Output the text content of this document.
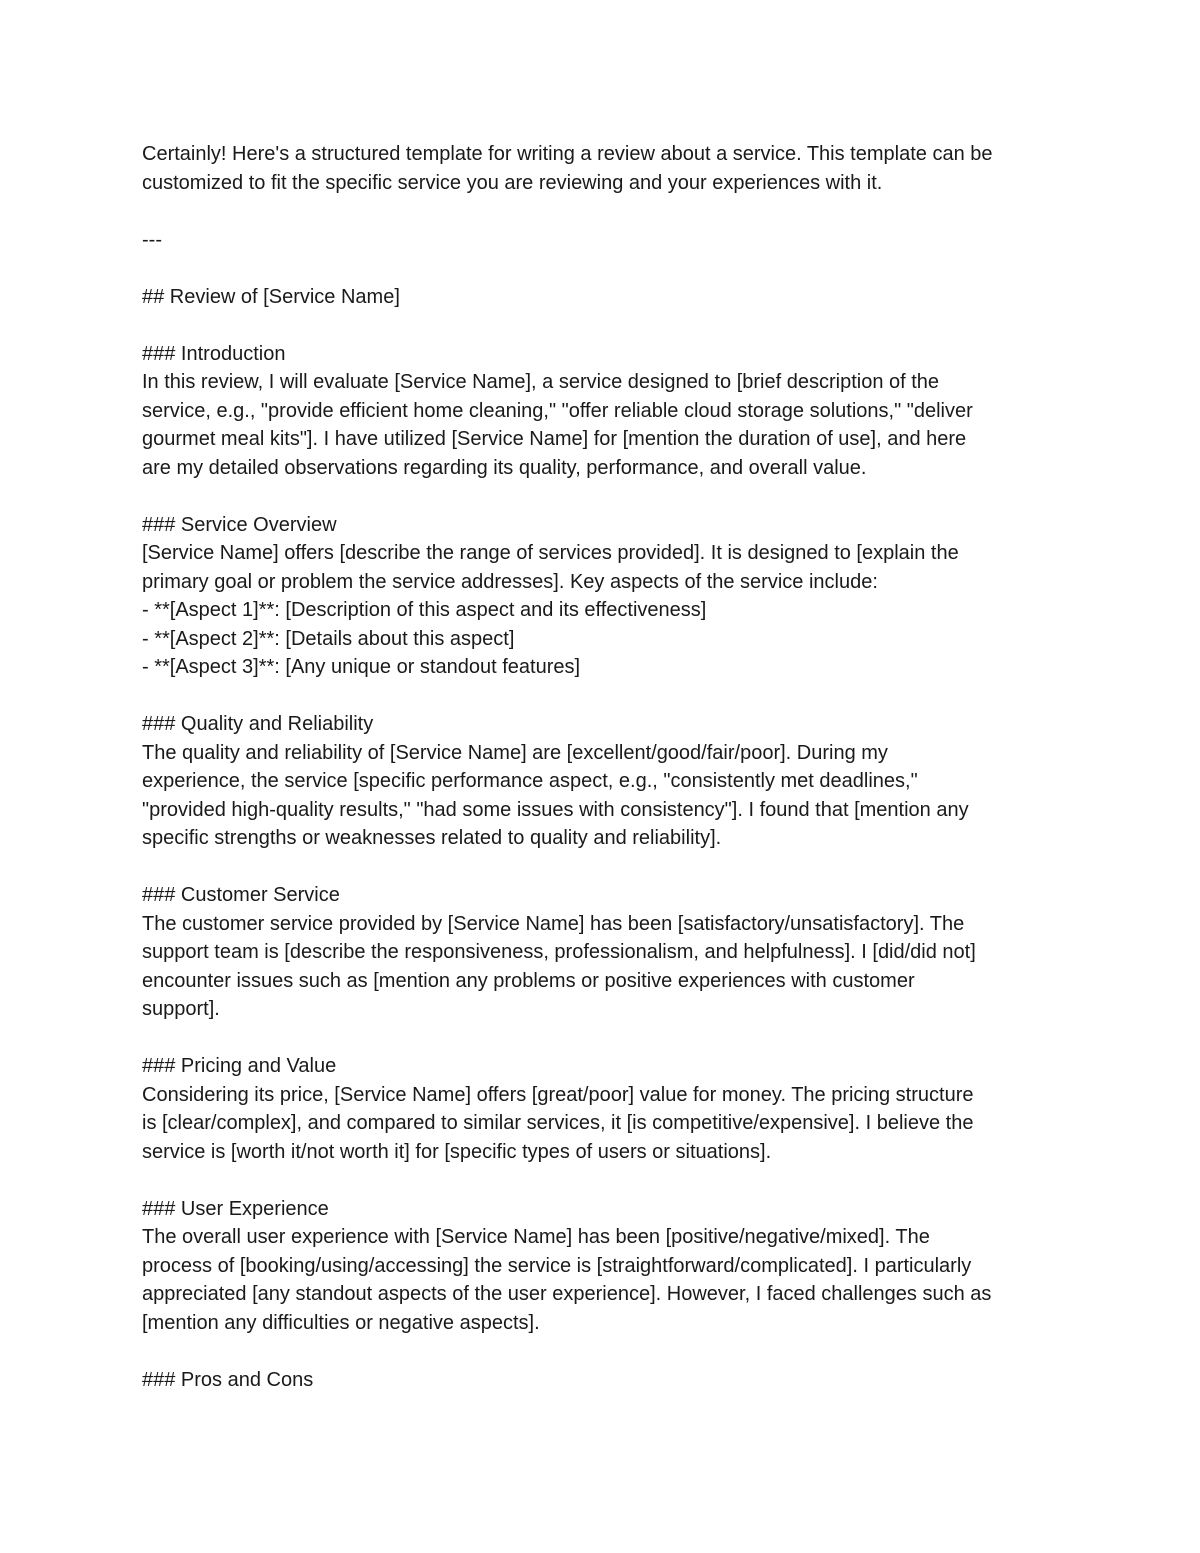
Certainly! Here's a structured template for writing a review about a service. This template can be
customized to fit the specific service you are reviewing and your experiences with it.
---
## Review of [Service Name]
### Introduction
In this review, I will evaluate [Service Name], a service designed to [brief description of the
service, e.g., "provide efficient home cleaning," "offer reliable cloud storage solutions," "deliver
gourmet meal kits"]. I have utilized [Service Name] for [mention the duration of use], and here
are my detailed observations regarding its quality, performance, and overall value.
### Service Overview
[Service Name] offers [describe the range of services provided]. It is designed to [explain the
primary goal or problem the service addresses]. Key aspects of the service include:
- **[Aspect 1]**: [Description of this aspect and its effectiveness]
- **[Aspect 2]**: [Details about this aspect]
- **[Aspect 3]**: [Any unique or standout features]
### Quality and Reliability
The quality and reliability of [Service Name] are [excellent/good/fair/poor]. During my
experience, the service [specific performance aspect, e.g., "consistently met deadlines,"
"provided high-quality results," "had some issues with consistency"]. I found that [mention any
specific strengths or weaknesses related to quality and reliability].
### Customer Service
The customer service provided by [Service Name] has been [satisfactory/unsatisfactory]. The
support team is [describe the responsiveness, professionalism, and helpfulness]. I [did/did not]
encounter issues such as [mention any problems or positive experiences with customer
support].
### Pricing and Value
Considering its price, [Service Name] offers [great/poor] value for money. The pricing structure
is [clear/complex], and compared to similar services, it [is competitive/expensive]. I believe the
service is [worth it/not worth it] for [specific types of users or situations].
### User Experience
The overall user experience with [Service Name] has been [positive/negative/mixed]. The
process of [booking/using/accessing] the service is [straightforward/complicated]. I particularly
appreciated [any standout aspects of the user experience]. However, I faced challenges such as
[mention any difficulties or negative aspects].
### Pros and Cons
